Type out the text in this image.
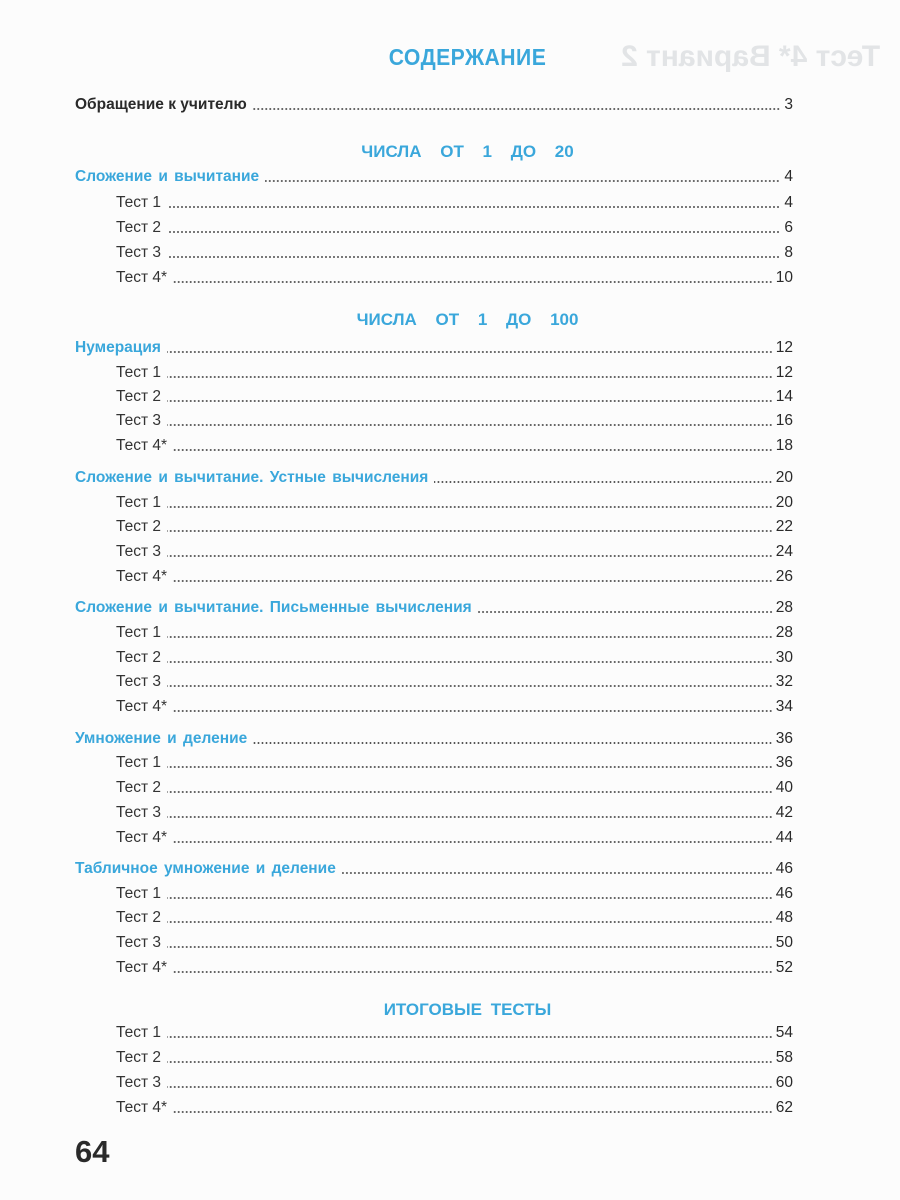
Тест 4* Вариант 2
СОДЕРЖАНИЕ
Обращение к учителю	3
ЧИСЛА ОТ 1 ДО 20
Сложение и вычитание	4
Тест 1	4
Тест 2	6
Тест 3	8
Тест 4*	10
ЧИСЛА ОТ 1 ДО 100
Нумерация	12
Тест 1	12
Тест 2	14
Тест 3	16
Тест 4*	18
Сложение и вычитание. Устные вычисления	20
Тест 1	20
Тест 2	22
Тест 3	24
Тест 4*	26
Сложение и вычитание. Письменные вычисления	28
Тест 1	28
Тест 2	30
Тест 3	32
Тест 4*	34
Умножение и деление	36
Тест 1	36
Тест 2	40
Тест 3	42
Тест 4*	44
Табличное умножение и деление	46
Тест 1	46
Тест 2	48
Тест 3	50
Тест 4*	52
ИТОГОВЫЕ ТЕСТЫ
Тест 1	54
Тест 2	58
Тест 3	60
Тест 4*	62
64
